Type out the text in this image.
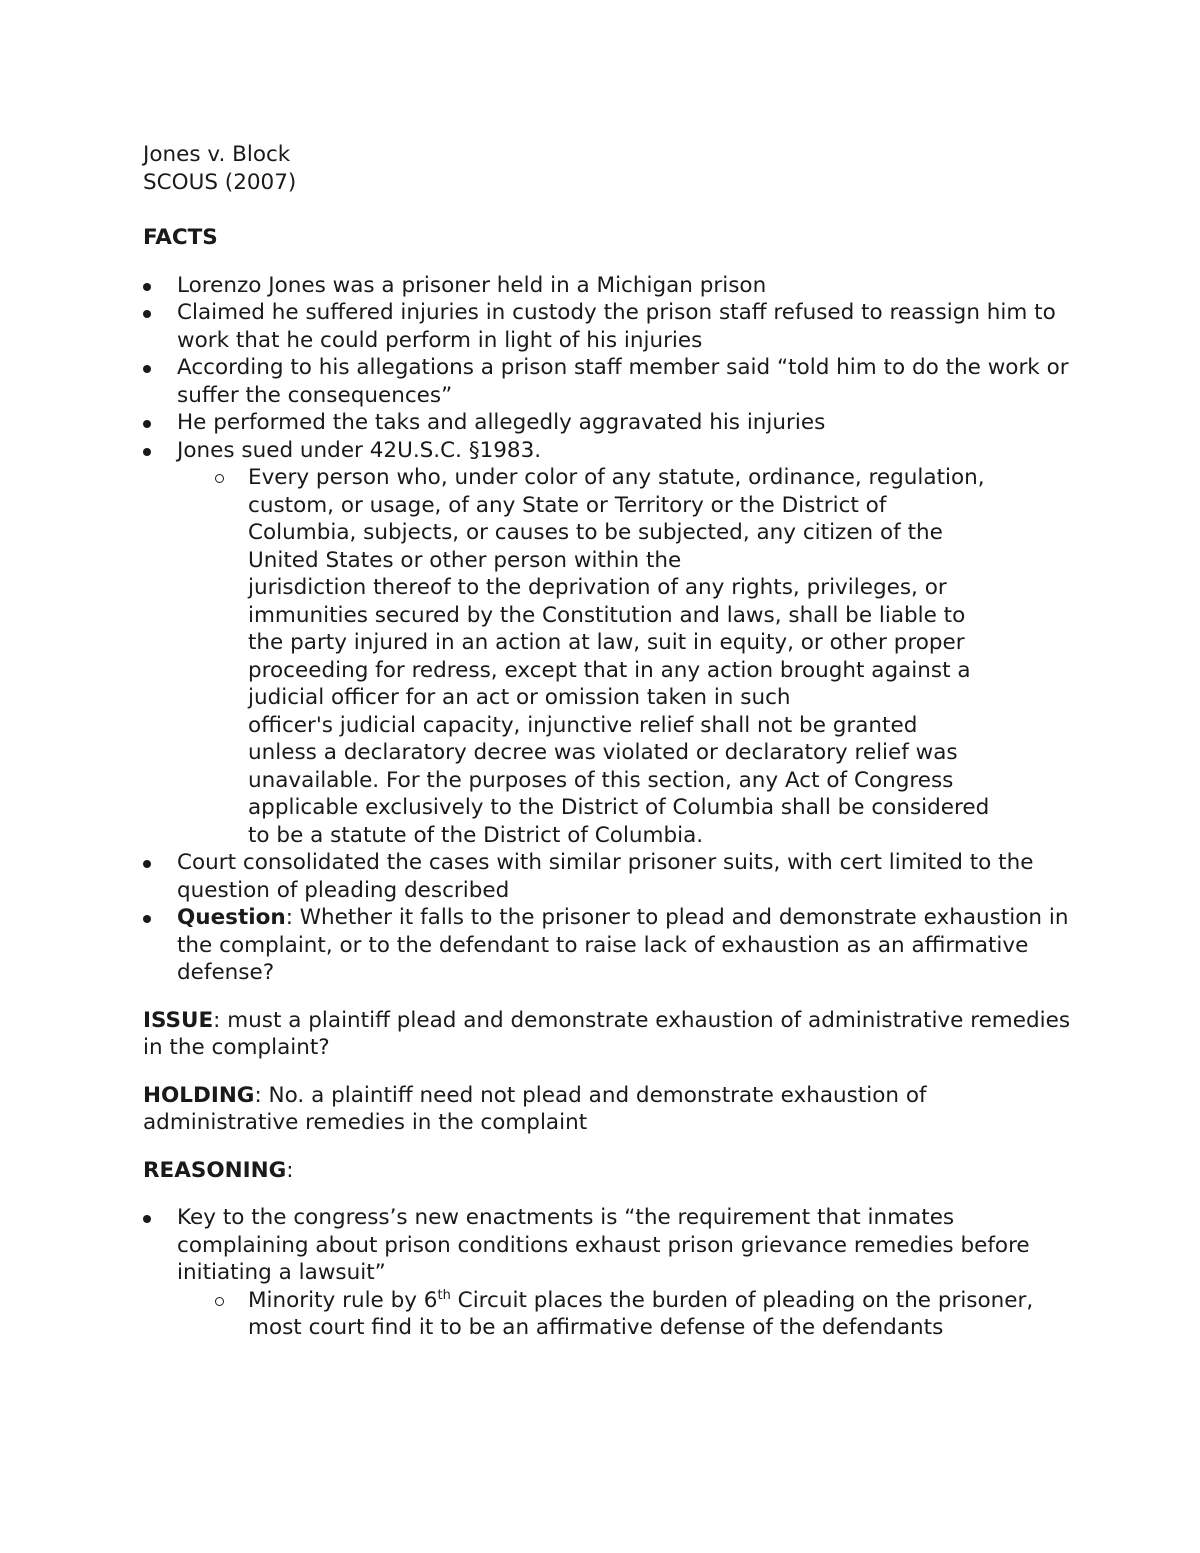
Jones v. Block

SCOUS (2007)

FACTS

Lorenzo Jones was a prisoner held in a Michigan prison
Claimed he suffered injuries in custody the prison staff refused to reassign him to work that he could perform in light of his injuries
According to his allegations a prison staff member said “told him to do the work or suffer the consequences”
He performed the taks and allegedly aggravated his injuries
Jones sued under 42U.S.C. §1983.
Every person who, under color of any statute, ordinance, regulation,
custom, or usage, of any State or Territory or the District of
Columbia, subjects, or causes to be subjected, any citizen of the
United States or other person within the
jurisdiction thereof to the deprivation of any rights, privileges, or
immunities secured by the Constitution and laws, shall be liable to
the party injured in an action at law, suit in equity, or other proper
proceeding for redress, except that in any action brought against a
judicial officer for an act or omission taken in such
officer's judicial capacity, injunctive relief shall not be granted
unless a declaratory decree was violated or declaratory relief was
unavailable. For the purposes of this section, any Act of Congress
applicable exclusively to the District of Columbia shall be considered
to be a statute of the District of Columbia.
Court consolidated the cases with similar prisoner suits, with cert limited to the question of pleading described
Question: Whether it falls to the prisoner to plead and demonstrate exhaustion in the complaint, or to the defendant to raise lack of exhaustion as an affirmative defense?

ISSUE: must a plaintiff plead and demonstrate exhaustion of administrative remedies in the complaint?

HOLDING: No. a plaintiff need not plead and demonstrate exhaustion of administrative remedies in the complaint

REASONING:

Key to the congress’s new enactments is “the requirement that inmates complaining about prison conditions exhaust prison grievance remedies before initiating a lawsuit”
Minority rule by 6th Circuit places the burden of pleading on the prisoner, most court find it to be an affirmative defense of the defendants
